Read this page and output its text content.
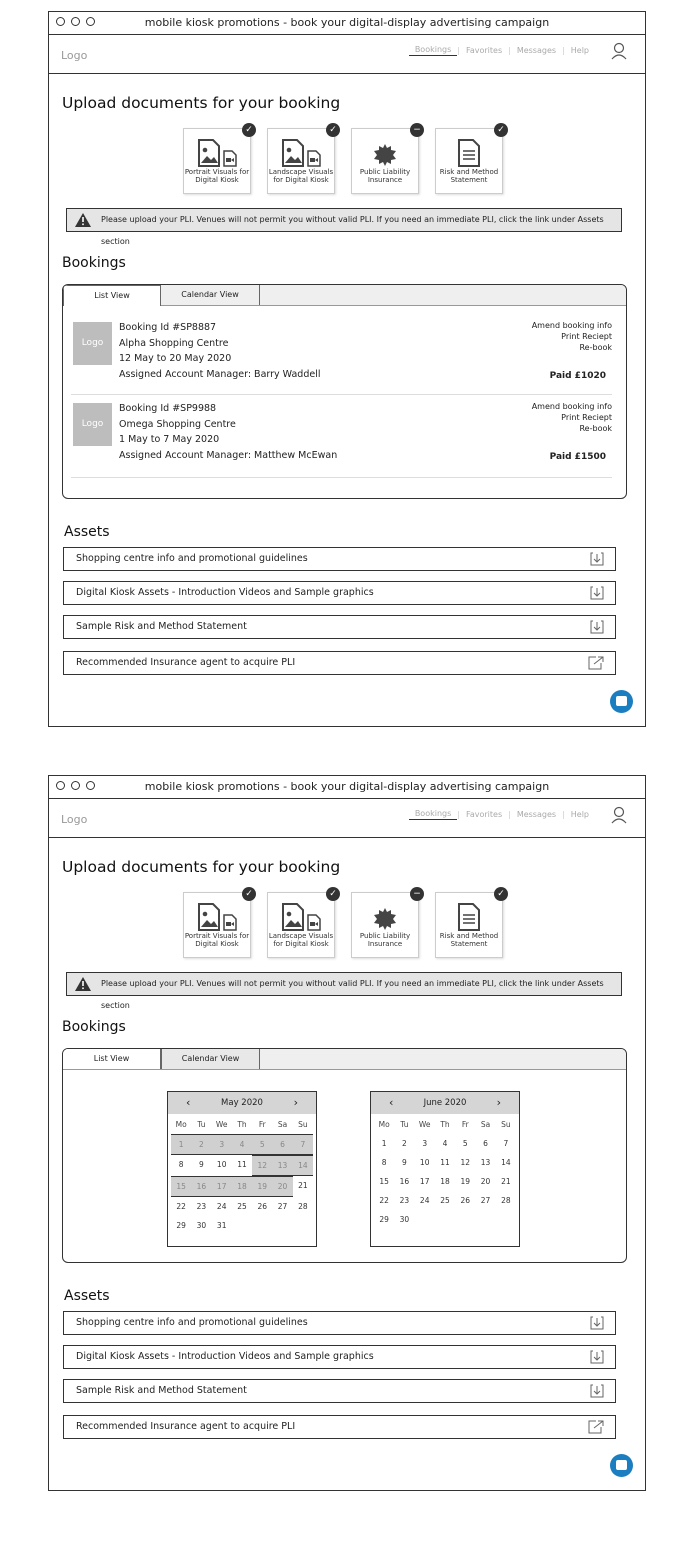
mobile kiosk promotions - book your digital-display advertising campaign
Logo	Bookings | Favorites | Messages | Help
Upload documents for your booking
Portrait Visuals for Digital Kiosk
✓
Landscape Visuals for Digital Kiosk
✓
Public Liability Insurance
−
Risk and Method Statement
✓
Please upload your PLI. Venues will not permit you without valid PLI. If you need an immediate PLI, click the link under Assets section
Bookings
List View	Calendar View
Logo
Booking Id #SP8887
Alpha Shopping Centre
12 May to 20 May 2020
Assigned Account Manager: Barry Waddell
Amend booking info
Print Reciept
Re-book
Paid £1020
Logo
Booking Id #SP9988
Omega Shopping Centre
1 May to 7 May 2020
Assigned Account Manager: Matthew McEwan
Amend booking info
Print Reciept
Re-book
Paid £1500
Assets
Shopping centre info and promotional guidelines
Digital Kiosk Assets - Introduction Videos and Sample graphics
Sample Risk and Method Statement
Recommended Insurance agent to acquire PLI
mobile kiosk promotions - book your digital-display advertising campaign
Logo	Bookings | Favorites | Messages | Help
Upload documents for your booking
Portrait Visuals for Digital Kiosk
✓
Landscape Visuals for Digital Kiosk
✓
Public Liability Insurance
−
Risk and Method Statement
✓
Please upload your PLI. Venues will not permit you without valid PLI. If you need an immediate PLI, click the link under Assets section
Bookings
List View	Calendar View
‹	May 2020	›
Mo	Tu	We	Th	Fr	Sa	Su
1	2	3	4	5	6	7
8	9	10	11	12	13	14
15	16	17	18	19	20	21
22	23	24	25	26	27	28
29	30	31
‹	June 2020	›
Mo	Tu	We	Th	Fr	Sa	Su
1	2	3	4	5	6	7
8	9	10	11	12	13	14
15	16	17	18	19	20	21
22	23	24	25	26	27	28
29	30
Assets
Shopping centre info and promotional guidelines
Digital Kiosk Assets - Introduction Videos and Sample graphics
Sample Risk and Method Statement
Recommended Insurance agent to acquire PLI
